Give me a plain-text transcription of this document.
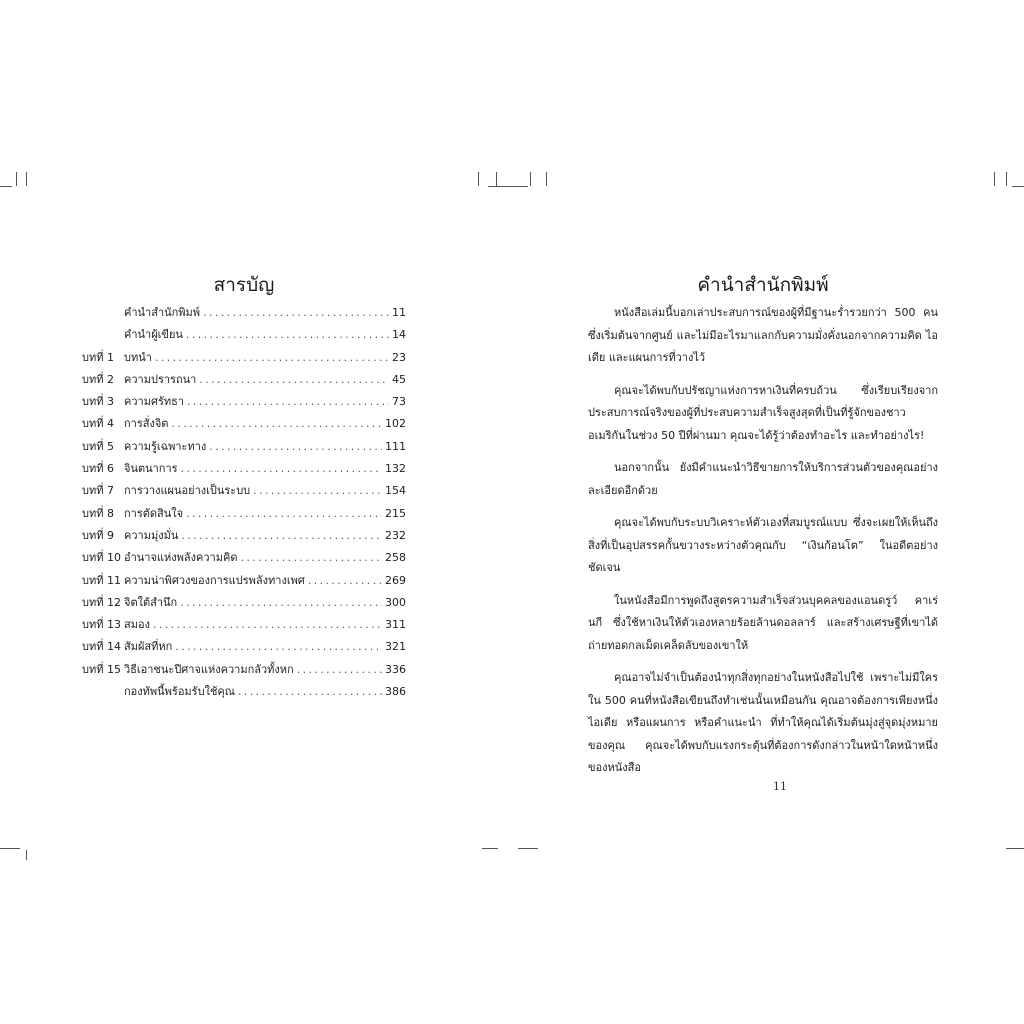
สารบัญ
คำนำสำนักพิมพ์ .....	11
คำนำผู้เขียน .....	14
บทที่ 1 บทนำ .....	23
บทที่ 2 ความปรารถนา .....	45
บทที่ 3 ความศรัทธา .....	73
บทที่ 4 การสั่งจิต .....	102
บทที่ 5 ความรู้เฉพาะทาง .....	111
บทที่ 6 จินตนาการ .....	132
บทที่ 7 การวางแผนอย่างเป็นระบบ .....	154
บทที่ 8 การตัดสินใจ .....	215
บทที่ 9 ความมุ่งมั่น .....	232
บทที่ 10 อำนาจแห่งพลังความคิด .....	258
บทที่ 11 ความน่าพิศวงของการแปรพลังทางเพศ .....	269
บทที่ 12 จิตใต้สำนึก .....	300
บทที่ 13 สมอง .....	311
บทที่ 14 สัมผัสที่หก .....	321
บทที่ 15 วิธีเอาชนะปีศาจแห่งความกลัวทั้งหก .....	336
กองทัพนี้พร้อมรับใช้คุณ .....	386
คำนำสำนักพิมพ์

หนังสือเล่มนี้บอกเล่าประสบการณ์ของผู้ที่มีฐานะร่ำรวยกว่า 500 คน ซึ่งเริ่มต้นจากศูนย์ และไม่มีอะไรมาแลกกับความมั่งคั่งนอกจากความคิด ไอเดีย และแผนการที่วางไว้

คุณจะได้พบกับปรัชญาแห่งการหาเงินที่ครบถ้วน ซึ่งเรียบเรียงจากประสบการณ์จริงของผู้ที่ประสบความสำเร็จสูงสุดที่เป็นที่รู้จักของชาวอเมริกันในช่วง 50 ปีที่ผ่านมา คุณจะได้รู้ว่าต้องทำอะไร และทำอย่างไร!

นอกจากนั้น ยังมีคำแนะนำวิธีขายการให้บริการส่วนตัวของคุณอย่างละเอียดอีกด้วย

คุณจะได้พบกับระบบวิเคราะห์ตัวเองที่สมบูรณ์แบบ ซึ่งจะเผยให้เห็นถึงสิ่งที่เป็นอุปสรรคกั้นขวางระหว่างตัวคุณกับ “เงินก้อนโต” ในอดีตอย่างชัดเจน

ในหนังสือมีการพูดถึงสูตรความสำเร็จส่วนบุคคลของแอนดรูว์ คาเร่นกี ซึ่งใช้หาเงินให้ตัวเองหลายร้อยล้านดอลลาร์ และสร้างเศรษฐีที่เขาได้ถ่ายทอดกลเม็ดเคล็ดลับของเขาให้

คุณอาจไม่จำเป็นต้องนำทุกสิ่งทุกอย่างในหนังสือไปใช้ เพราะไม่มีใครใน 500 คนที่หนังสือเขียนถึงทำเช่นนั้นเหมือนกัน คุณอาจต้องการเพียงหนึ่งไอเดีย หรือแผนการ หรือคำแนะนำ ที่ทำให้คุณได้เริ่มต้นมุ่งสู่จุดมุ่งหมายของคุณ คุณจะได้พบกับแรงกระตุ้นที่ต้องการดังกล่าวในหน้าใดหน้าหนึ่งของหนังสือ

11
